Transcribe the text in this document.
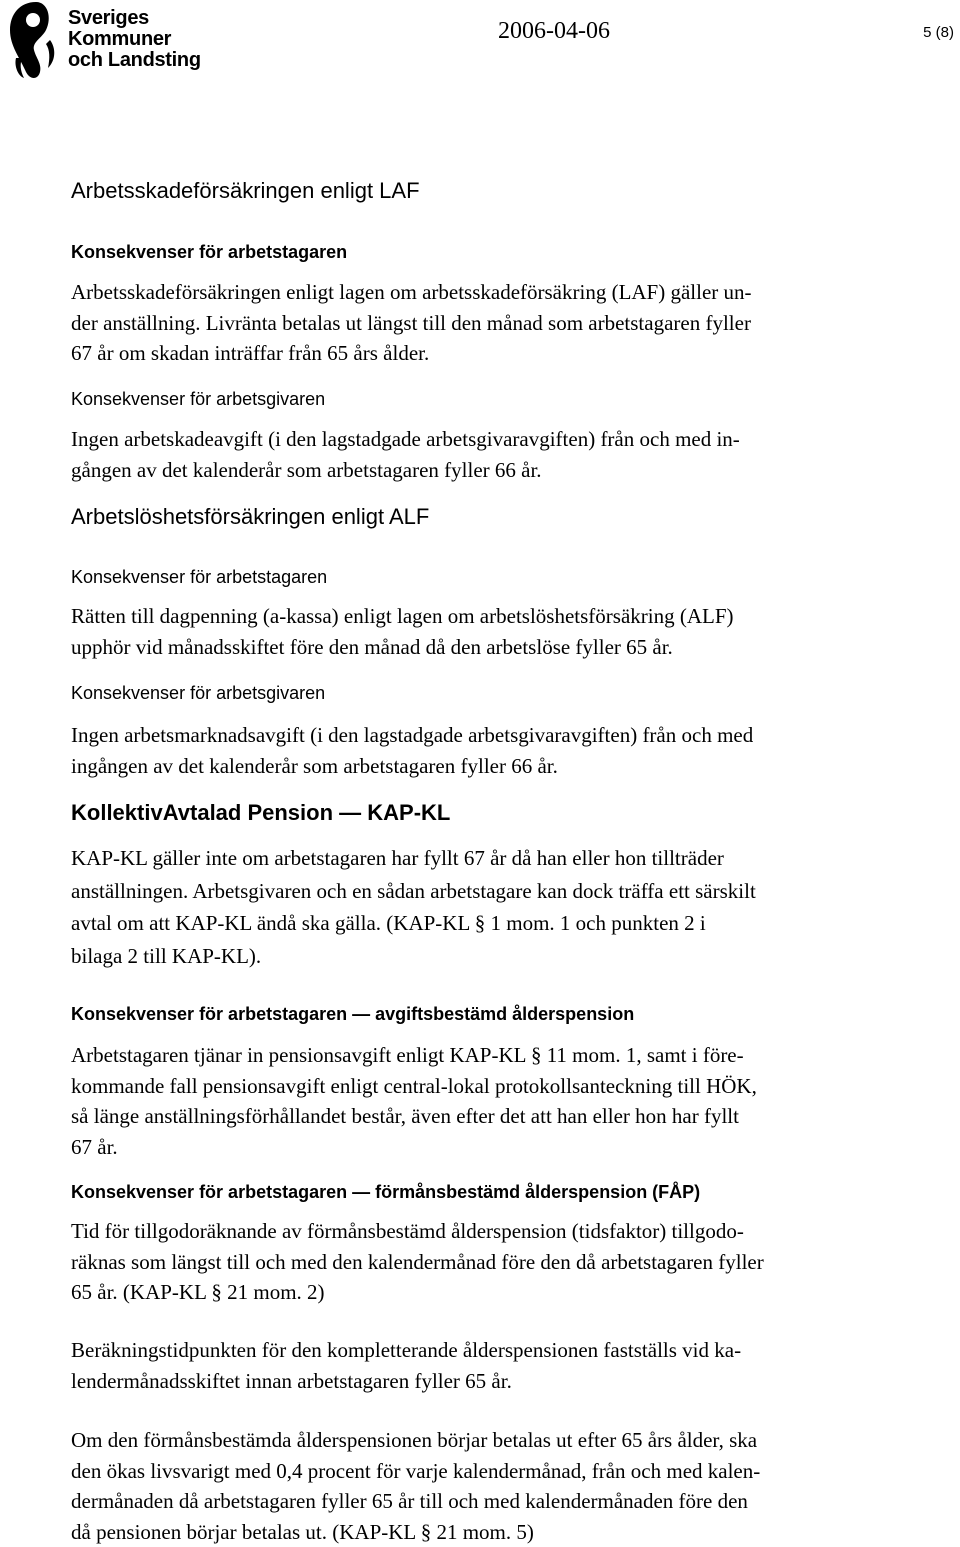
Sveriges
Kommuner
och Landsting
2006-04-06	5 (8)
Arbetsskadeförsäkringen enligt LAF
Konsekvenser för arbetstagaren
Arbetsskadeförsäkringen enligt lagen om arbetsskadeförsäkring (LAF) gäller un-
der anställning. Livränta betalas ut längst till den månad som arbetstagaren fyller
67 år om skadan inträffar från 65 års ålder.
Konsekvenser för arbetsgivaren
Ingen arbetskadeavgift (i den lagstadgade arbetsgivaravgiften) från och med in-
gången av det kalenderår som arbetstagaren fyller 66 år.
Arbetslöshetsförsäkringen enligt ALF
Konsekvenser för arbetstagaren
Rätten till dagpenning (a-kassa) enligt lagen om arbetslöshetsförsäkring (ALF)
upphör vid månadsskiftet före den månad då den arbetslöse fyller 65 år.
Konsekvenser för arbetsgivaren
Ingen arbetsmarknadsavgift (i den lagstadgade arbetsgivaravgiften) från och med
ingången av det kalenderår som arbetstagaren fyller 66 år.
KollektivAvtalad Pension — KAP-KL
KAP-KL gäller inte om arbetstagaren har fyllt 67 år då han eller hon tillträder
anställningen. Arbetsgivaren och en sådan arbetstagare kan dock träffa ett särskilt
avtal om att KAP-KL ändå ska gälla. (KAP-KL § 1 mom. 1 och punkten 2 i
bilaga 2 till KAP-KL).
Konsekvenser för arbetstagaren — avgiftsbestämd ålderspension
Arbetstagaren tjänar in pensionsavgift enligt KAP-KL § 11 mom. 1, samt i före-
kommande fall pensionsavgift enligt central-lokal protokollsanteckning till HÖK,
så länge anställningsförhållandet består, även efter det att han eller hon har fyllt
67 år.
Konsekvenser för arbetstagaren — förmånsbestämd ålderspension (FÅP)
Tid för tillgodoräknande av förmånsbestämd ålderspension (tidsfaktor) tillgodo-
räknas som längst till och med den kalendermånad före den då arbetstagaren fyller
65 år. (KAP-KL § 21 mom. 2)
Beräkningstidpunkten för den kompletterande ålderspensionen fastställs vid ka-
lendermånadsskiftet innan arbetstagaren fyller 65 år.
Om den förmånsbestämda ålderspensionen börjar betalas ut efter 65 års ålder, ska
den ökas livsvarigt med 0,4 procent för varje kalendermånad, från och med kalen-
dermånaden då arbetstagaren fyller 65 år till och med kalendermånaden före den
då pensionen börjar betalas ut. (KAP-KL § 21 mom. 5)
